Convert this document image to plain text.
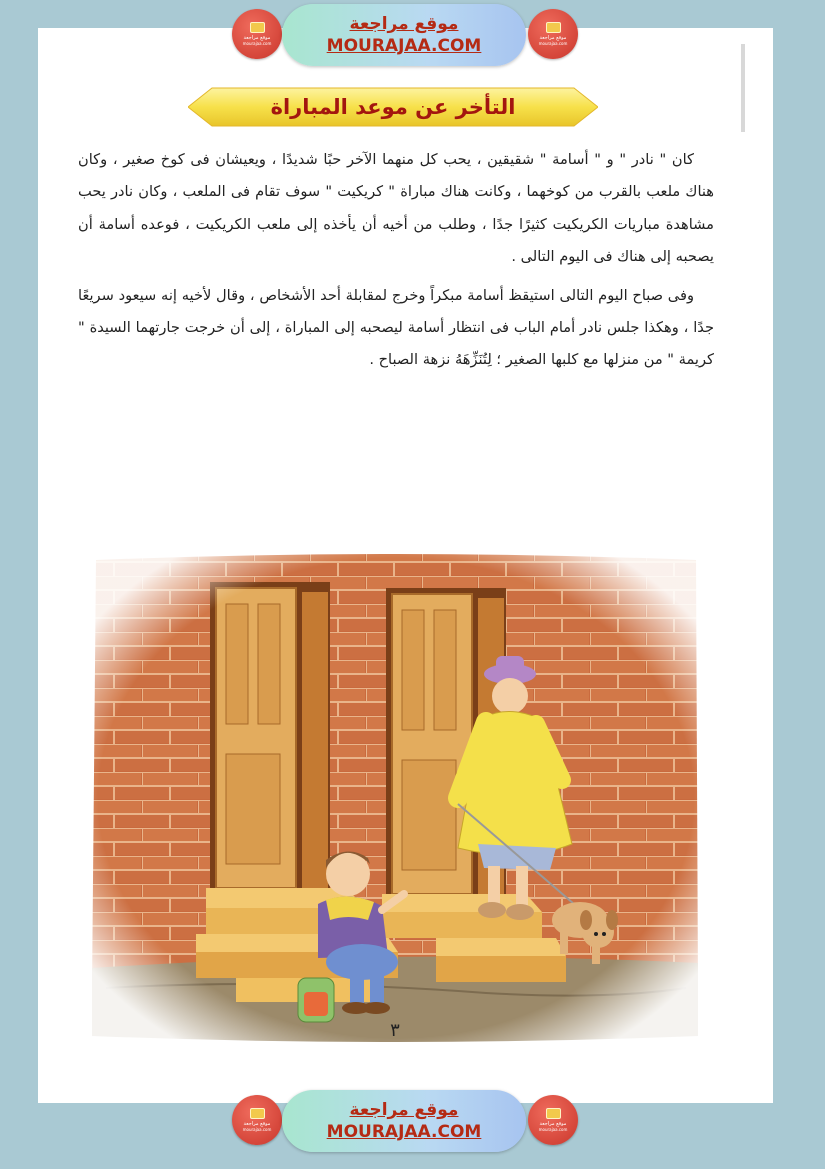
موقع مراجعة
mourajaa.com
موقع مراجعة
MOURAJAA.COM	موقع مراجعة
mourajaa.com
التأخر عن موعد المباراة

كان " نادر " و " أسامة " شقيقين ، يحب كل منهما الآخر حبًا شديدًا ، ويعيشان فى كوخ صغير ، وكان هناك ملعب بالقرب من كوخهما ، وكانت هناك مباراة " كريكيت " سوف تقام فى الملعب ، وكان نادر يحب مشاهدة مباريات الكريكيت كثيرًا جدًا ، وطلب من أخيه أن يأخذه إلى ملعب الكريكيت ، فوعده أسامة أن يصحبه إلى هناك فى اليوم التالى .

وفى صباح اليوم التالى استيقظ أسامة مبكراً وخرج لمقابلة أحد الأشخاص ، وقال لأخيه إنه سيعود سريعًا جدًا ، وهكذا جلس نادر أمام الباب فى انتظار أسامة ليصحبه إلى المباراة ، إلى أن خرجت جارتهما السيدة " كريمة " من منزلها مع كلبها الصغير ؛ لِتُنَزِّهَهُ نزهة الصباح .

٣
موقع مراجعة
mourajaa.com
موقع مراجعة
MOURAJAA.COM	موقع مراجعة
mourajaa.com
